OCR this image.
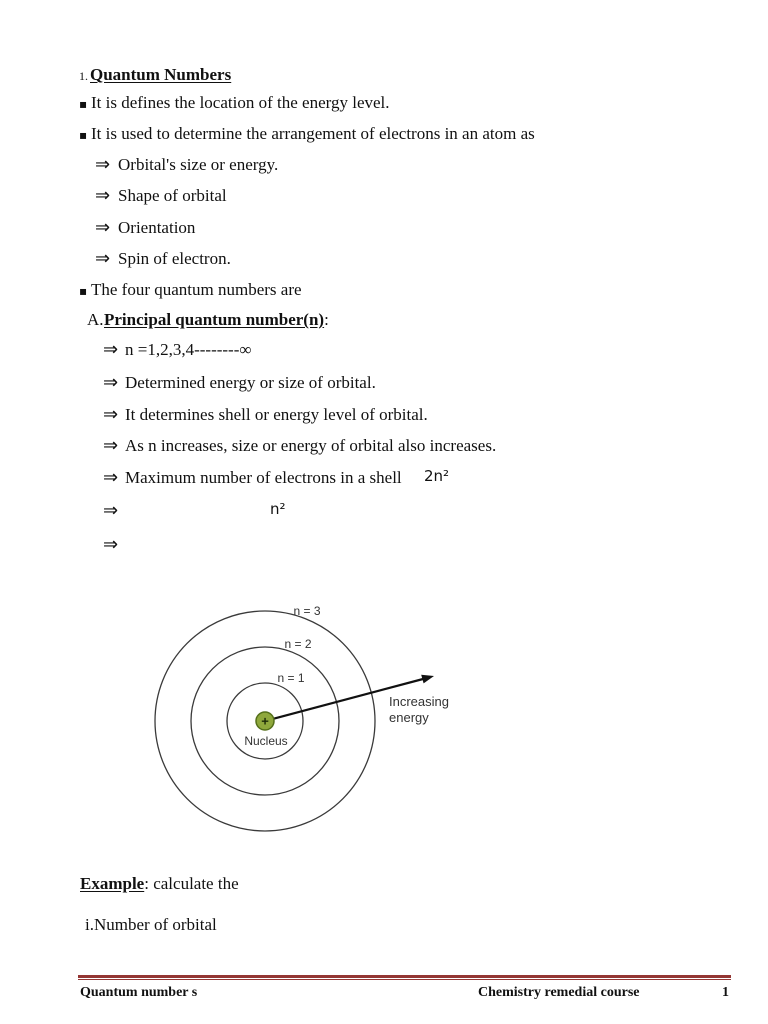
1. Quantum Numbers
▪ It is defines the location of the energy level.
▪ It is used to determine the arrangement of electrons in an atom as
⇒ Orbital's size or energy.
⇒ Shape of orbital
⇒ Orientation
⇒ Spin of electron.
▪ The four quantum numbers are
A.Principal quantum number(n):
⇒ n =1,2,3,4--------∞
⇒ Determined energy or size of orbital.
⇒ It determines shell or energy level of orbital.
⇒ As n increases, size or energy of orbital also increases.
⇒ Maximum number of electrons in a shell 2n²
⇒	n²
⇒
n = 3
n = 2
n = 1
+
Nucleus
Increasing
energy
Example: calculate the
i.Number of orbital
Quantum number s	Chemistry remedial course	1
